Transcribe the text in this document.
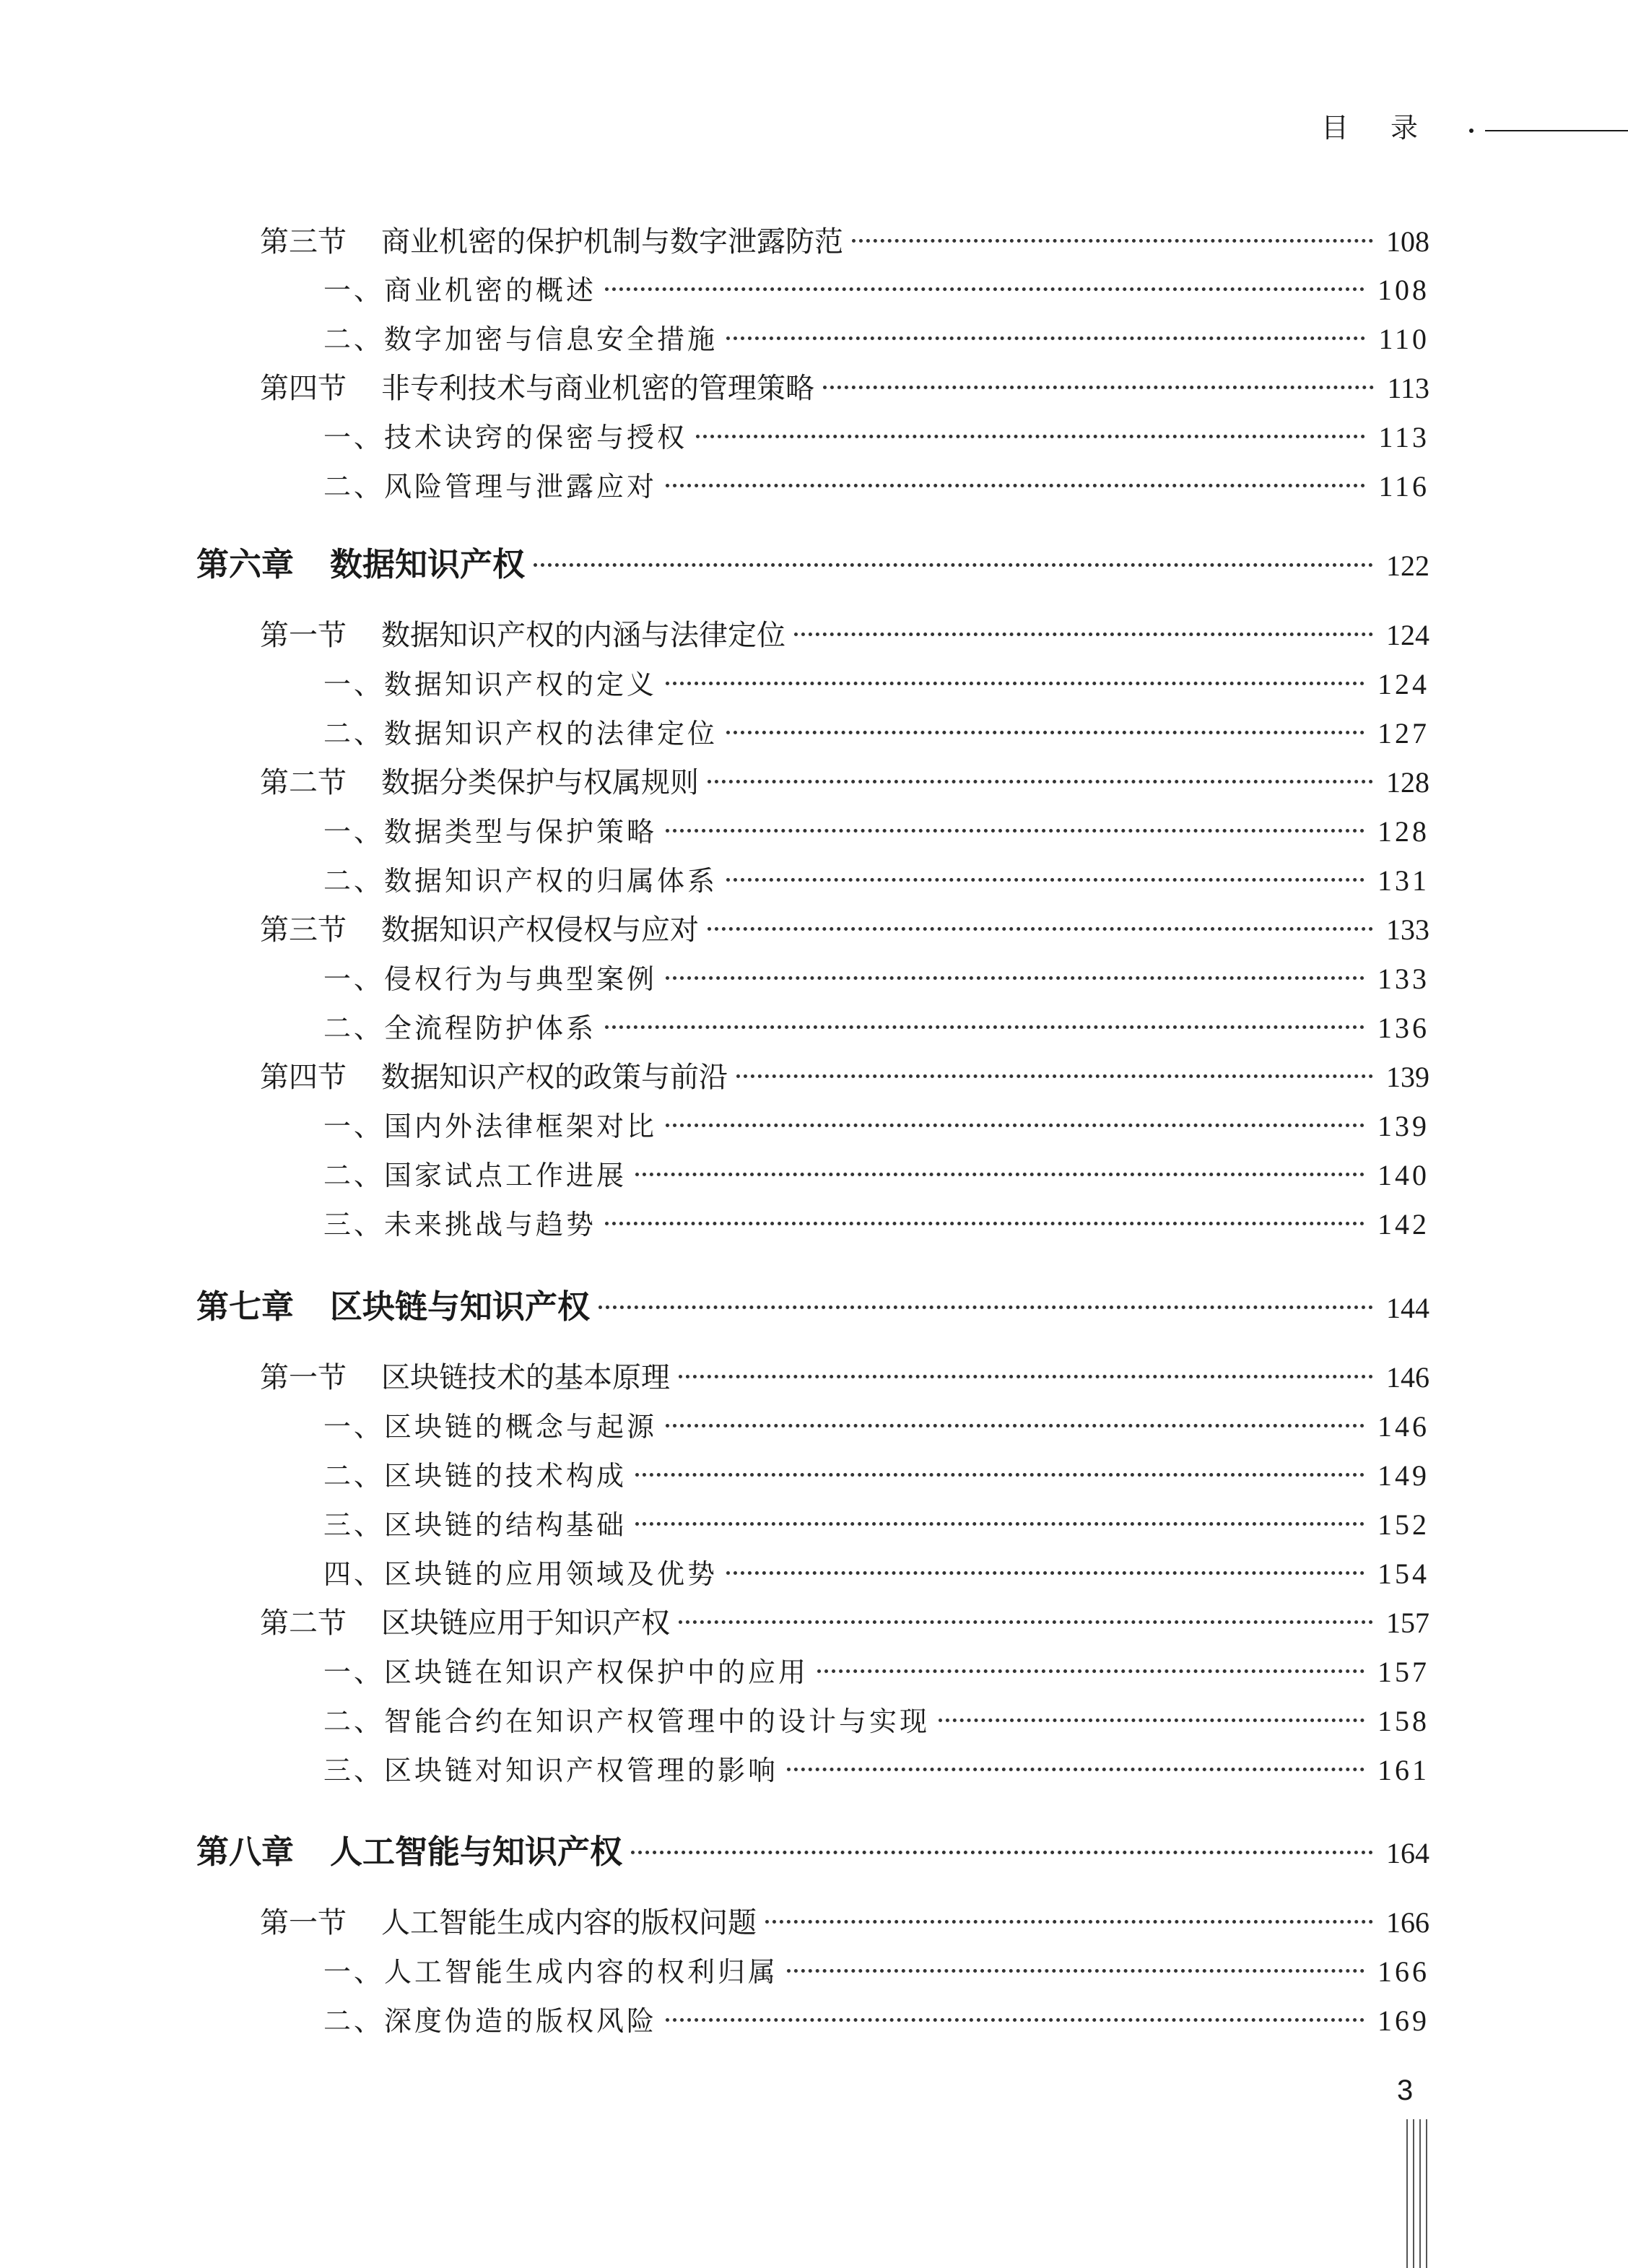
目录
第三节 商业机密的保护机制与数字泄露防范	108
一、商业机密的概述	108
二、数字加密与信息安全措施	110
第四节 非专利技术与商业机密的管理策略	113
一、技术诀窍的保密与授权	113
二、风险管理与泄露应对	116
第六章 数据知识产权	122
第一节 数据知识产权的内涵与法律定位	124
一、数据知识产权的定义	124
二、数据知识产权的法律定位	127
第二节 数据分类保护与权属规则	128
一、数据类型与保护策略	128
二、数据知识产权的归属体系	131
第三节 数据知识产权侵权与应对	133
一、侵权行为与典型案例	133
二、全流程防护体系	136
第四节 数据知识产权的政策与前沿	139
一、国内外法律框架对比	139
二、国家试点工作进展	140
三、未来挑战与趋势	142
第七章 区块链与知识产权	144
第一节 区块链技术的基本原理	146
一、区块链的概念与起源	146
二、区块链的技术构成	149
三、区块链的结构基础	152
四、区块链的应用领域及优势	154
第二节 区块链应用于知识产权	157
一、区块链在知识产权保护中的应用	157
二、智能合约在知识产权管理中的设计与实现	158
三、区块链对知识产权管理的影响	161
第八章 人工智能与知识产权	164
第一节 人工智能生成内容的版权问题	166
一、人工智能生成内容的权利归属	166
二、深度伪造的版权风险	169
3
